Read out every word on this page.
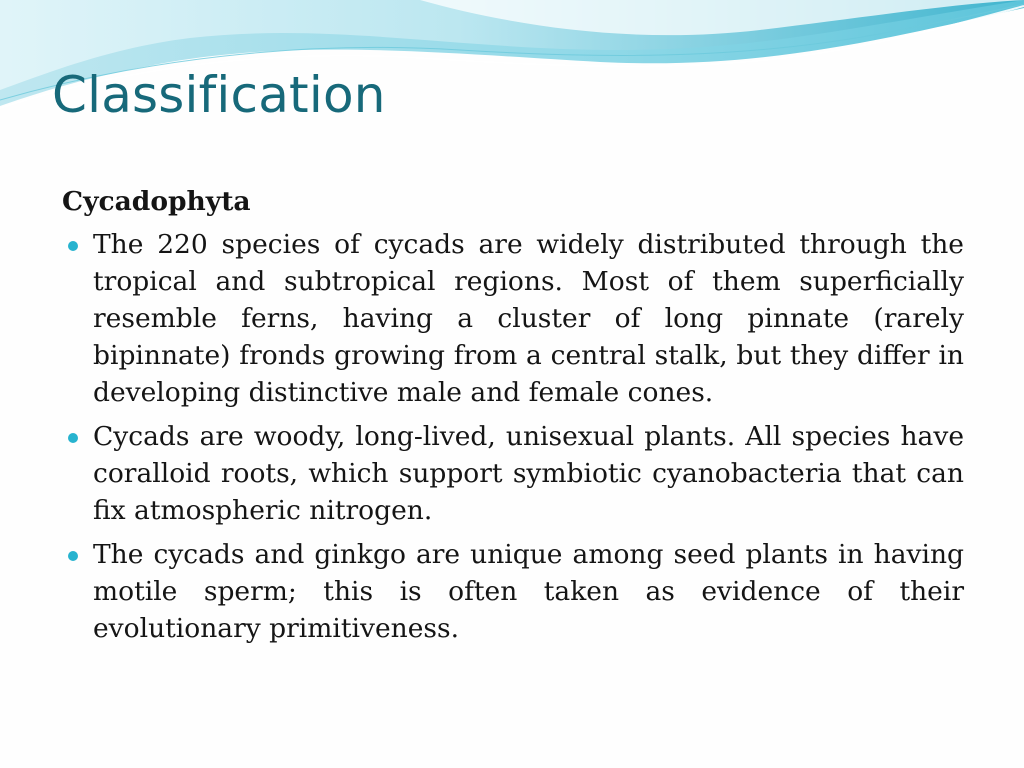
Classification

Cycadophyta

The 220 species of cycads are widely distributed through the tropical and subtropical regions. Most of them superficially resemble ferns, having a cluster of long pinnate (rarely bipinnate) fronds growing from a central stalk, but they differ in developing distinctive male and female cones.
Cycads are woody, long-lived, unisexual plants. All species have coralloid roots, which support symbiotic cyanobacteria that can fix atmospheric nitrogen.
The cycads and ginkgo are unique among seed plants in having motile sperm; this is often taken as evidence of their evolutionary primitiveness.
